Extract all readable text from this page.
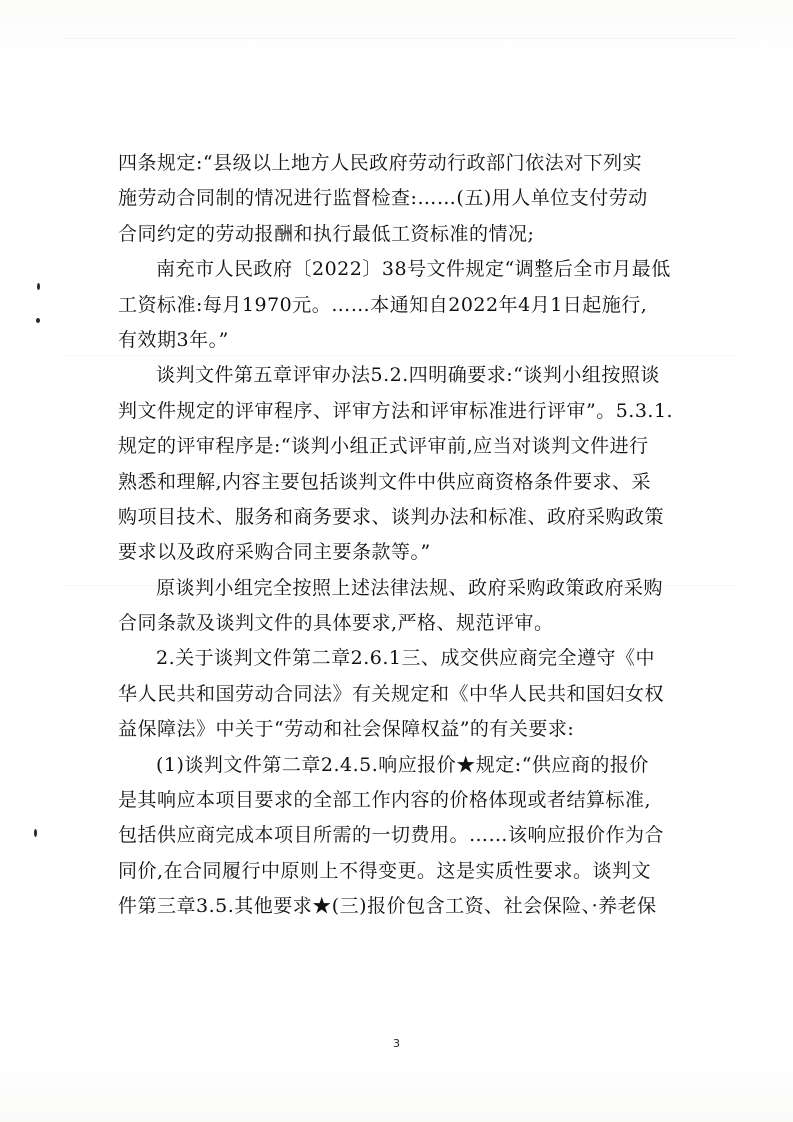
四条规定:“县级以上地方人民政府劳动行政部门依法对下列实
施劳动合同制的情况进行监督检查:……(五)用人单位支付劳动
合同约定的劳动报酬和执行最低工资标准的情况;
南充市人民政府〔2022〕38号文件规定“调整后全市月最低
工资标准:每月1970元。……本通知自2022年4月1日起施行,
有效期3年。”
谈判文件第五章评审办法5.2.四明确要求:“谈判小组按照谈
判文件规定的评审程序、评审方法和评审标准进行评审”。5.3.1.
规定的评审程序是:“谈判小组正式评审前,应当对谈判文件进行
熟悉和理解,内容主要包括谈判文件中供应商资格条件要求、采
购项目技术、服务和商务要求、谈判办法和标准、政府采购政策
要求以及政府采购合同主要条款等。”
原谈判小组完全按照上述法律法规、政府采购政策政府采购
合同条款及谈判文件的具体要求,严格、规范评审。
2.关于谈判文件第二章2.6.1三、成交供应商完全遵守《中
华人民共和国劳动合同法》有关规定和《中华人民共和国妇女权
益保障法》中关于“劳动和社会保障权益”的有关要求:
(1)谈判文件第二章2.4.5.响应报价★规定:“供应商的报价
是其响应本项目要求的全部工作内容的价格体现或者结算标准,
包括供应商完成本项目所需的一切费用。……该响应报价作为合
同价,在合同履行中原则上不得变更。这是实质性要求。谈判文
件第三章3.5.其他要求★(三)报价包含工资、社会保险、·养老保
3
